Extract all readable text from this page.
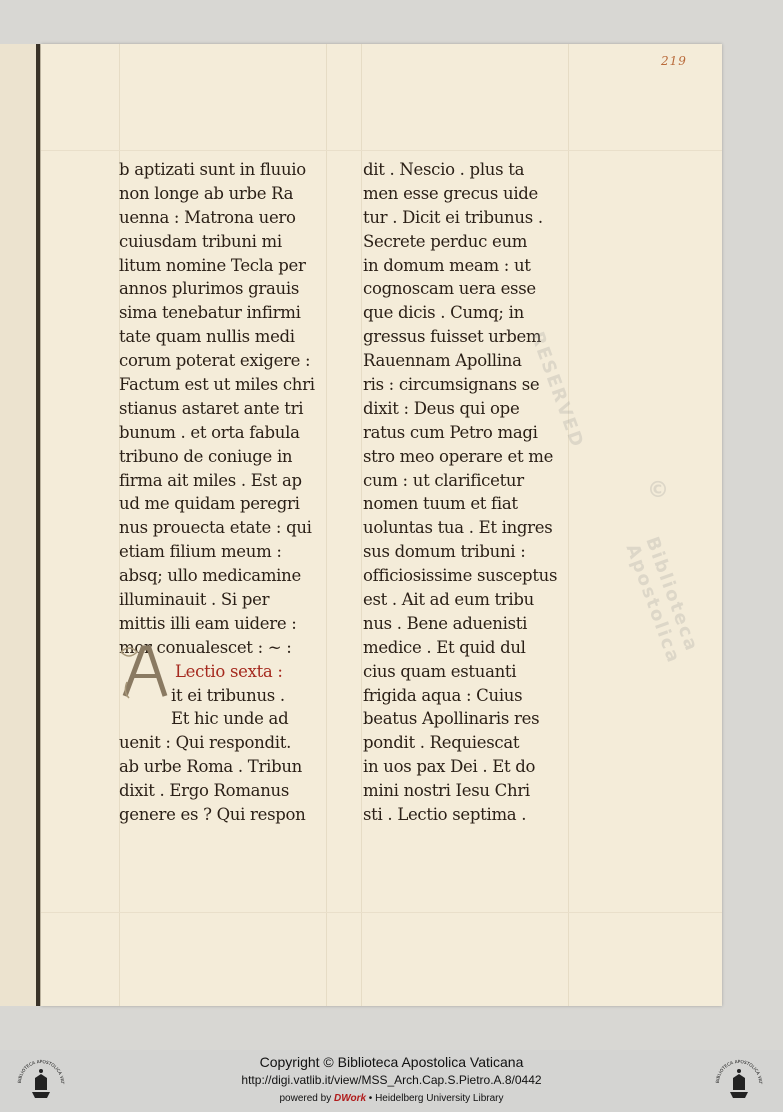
219
b aptizati sunt in fluuio
non longe ab urbe Ra
uenna : Matrona uero
cuiusdam tribuni mi
litum nomine Tecla per
annos plurimos grauis
sima tenebatur infirmi
tate quam nullis medi
corum poterat exigere :
Factum est ut miles chri
stianus astaret ante tri
bunum . et orta fabula
tribuno de coniuge in
firma ait miles . Est ap
ud me quidam peregri
nus prouecta etate : qui
etiam filium meum :
absq; ullo medicamine
illuminauit . Si per
mittis illi eam uidere :
mor conualescet : ~ :
Lectio sexta :
it ei tribunus .
Et hic unde ad
uenit : Qui respondit.
ab urbe Roma . Tribun
dixit . Ergo Romanus
genere es ? Qui respon
dit . Nescio . plus ta
men esse grecus uide
tur . Dicit ei tribunus .
Secrete perduc eum
in domum meam : ut
cognoscam uera esse
que dicis . Cumq; in
gressus fuisset urbem
Rauennam Apollina
ris : circumsignans se
dixit : Deus qui ope
ratus cum Petro magi
stro meo operare et me
cum : ut clarificetur
nomen tuum et fiat
uoluntas tua . Et ingres
sus domum tribuni :
officiosissime susceptus
est . Ait ad eum tribu
nus . Bene aduenisti
medice . Et quid dul
cius quam estuanti
frigida aqua : Cuius
beatus Apollinaris res
pondit . Requiescat
in uos pax Dei . Et do
mini nostri Iesu Chri
sti . Lectio septima .
RESERVED
©
Biblioteca Apostolica
BIBLIOTECA APOSTOLICA VAT
Copyright © Biblioteca Apostolica Vaticana
http://digi.vatlib.it/view/MSS_Arch.Cap.S.Pietro.A.8/0442
powered by DWork • Heidelberg University Library
BIBLIOTECA APOSTOLICA VAT
